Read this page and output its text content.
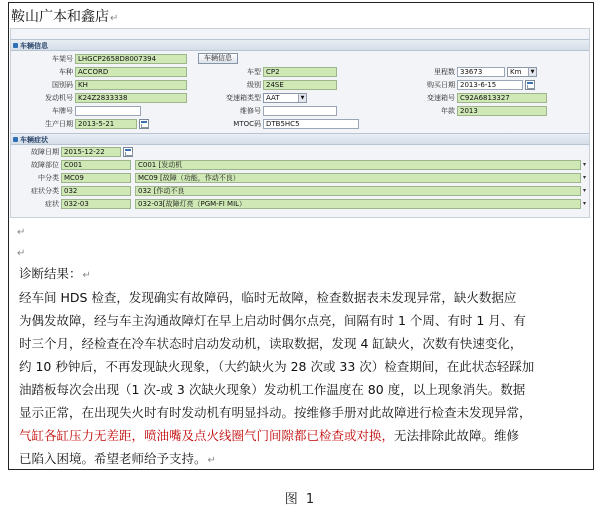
鞍山广本和鑫店↵
车辆信息
车架号 LHGCP2658D8007394	车辆信息
车种 ACCORD	车型 CP2	里程数 33673	Km	▼
国别码 KH	级别 24SE	购买日期 2013-6-15
发动机号 K24Z2833338	变速箱类型 AAT	▼	变速箱号 C92A6813327
车牌号	维修号	年款 2013
生产日期 2013-5-21	MTOC码 DTB5HC5
车辆症状
故障日期 2015-12-22
故障部位 C001	C001 [发动机	▾
中分类 MC09	MC09 [故障（功能，作动不良）	▾
症状分类 032	032 [作动不良	▾
症状 032-03	032-03[故障灯亮（PGM-FI MIL）	▾
↵
↵
诊断结果：↵
经车间 HDS 检查，发现确实有故障码，临时无故障，检查数据表未发现异常，缺火数据应
为偶发故障，经与车主沟通故障灯在早上启动时偶尔点亮，间隔有时 1 个周、有时 1 月、有
时三个月，经检查在冷车状态时启动发动机，读取数据，发现 4 缸缺火，次数有快速变化，
约 10 秒钟后，不再发现缺火现象，（大约缺火为 28 次或 33 次）检查期间，在此状态轻踩加
油踏板每次会出现（1 次-或 3 次缺火现象）发动机工作温度在 80 度，以上现象消失。数据
显示正常，在出现失火时有时发动机有明显抖动。按维修手册对此故障进行检查未发现异常，
气缸各缸压力无差距，喷油嘴及点火线圈气门间隙都已检查或对换，无法排除此故障。维修
已陷入困境。希望老师给予支持。↵
图 1
